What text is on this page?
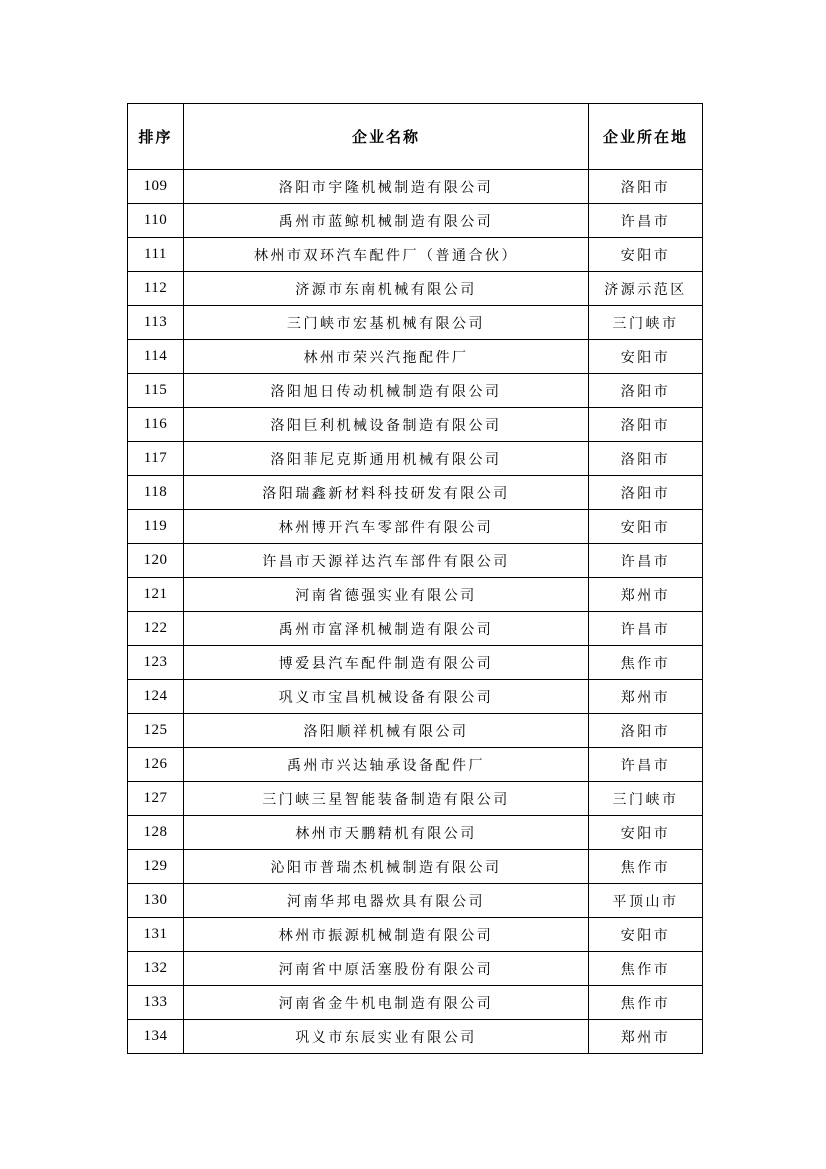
排序	企业名称	企业所在地
109	洛阳市宇隆机械制造有限公司	洛阳市
110	禹州市蓝鲸机械制造有限公司	许昌市
111	林州市双环汽车配件厂（普通合伙）	安阳市
112	济源市东南机械有限公司	济源示范区
113	三门峡市宏基机械有限公司	三门峡市
114	林州市荣兴汽拖配件厂	安阳市
115	洛阳旭日传动机械制造有限公司	洛阳市
116	洛阳巨利机械设备制造有限公司	洛阳市
117	洛阳菲尼克斯通用机械有限公司	洛阳市
118	洛阳瑞鑫新材料科技研发有限公司	洛阳市
119	林州博开汽车零部件有限公司	安阳市
120	许昌市天源祥达汽车部件有限公司	许昌市
121	河南省德强实业有限公司	郑州市
122	禹州市富泽机械制造有限公司	许昌市
123	博爱县汽车配件制造有限公司	焦作市
124	巩义市宝昌机械设备有限公司	郑州市
125	洛阳顺祥机械有限公司	洛阳市
126	禹州市兴达轴承设备配件厂	许昌市
127	三门峡三星智能装备制造有限公司	三门峡市
128	林州市天鹏精机有限公司	安阳市
129	沁阳市普瑞杰机械制造有限公司	焦作市
130	河南华邦电器炊具有限公司	平顶山市
131	林州市振源机械制造有限公司	安阳市
132	河南省中原活塞股份有限公司	焦作市
133	河南省金牛机电制造有限公司	焦作市
134	巩义市东辰实业有限公司	郑州市
